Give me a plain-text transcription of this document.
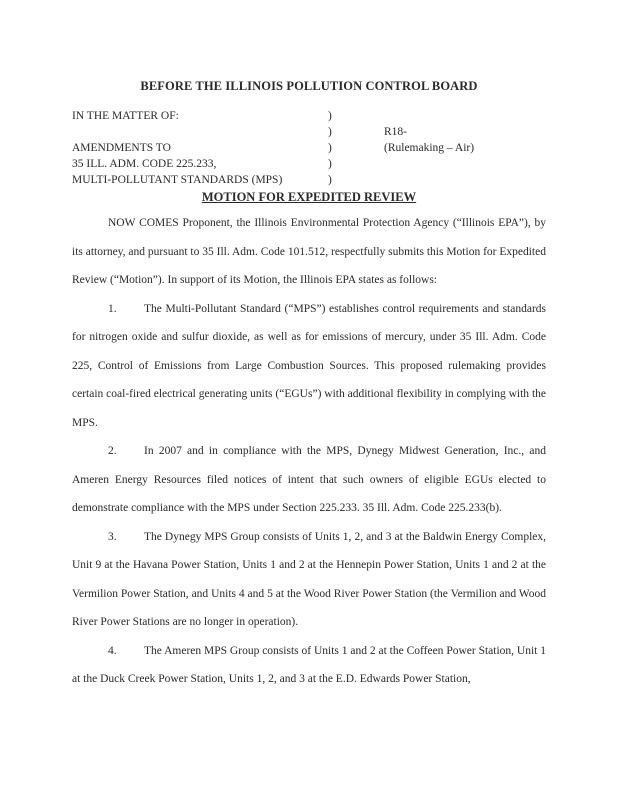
BEFORE THE ILLINOIS POLLUTION CONTROL BOARD
IN THE MATTER OF:
AMENDMENTS TO
35 ILL. ADM. CODE 225.233,
MULTI-POLLUTANT STANDARDS (MPS)
)
)
)
)
)
R18-
(Rulemaking – Air)
MOTION FOR EXPEDITED REVIEW

NOW COMES Proponent, the Illinois Environmental Protection Agency (“Illinois EPA”), by its attorney, and pursuant to 35 Ill. Adm. Code 101.512, respectfully submits this Motion for Expedited Review (“Motion”). In support of its Motion, the Illinois EPA states as follows:

1. The Multi-Pollutant Standard (“MPS”) establishes control requirements and standards for nitrogen oxide and sulfur dioxide, as well as for emissions of mercury, under 35 Ill. Adm. Code 225, Control of Emissions from Large Combustion Sources. This proposed rulemaking provides certain coal-fired electrical generating units (“EGUs”) with additional flexibility in complying with the MPS.

2. In 2007 and in compliance with the MPS, Dynegy Midwest Generation, Inc., and Ameren Energy Resources filed notices of intent that such owners of eligible EGUs elected to demonstrate compliance with the MPS under Section 225.233. 35 Ill. Adm. Code 225.233(b).

3. The Dynegy MPS Group consists of Units 1, 2, and 3 at the Baldwin Energy Complex, Unit 9 at the Havana Power Station, Units 1 and 2 at the Hennepin Power Station, Units 1 and 2 at the Vermilion Power Station, and Units 4 and 5 at the Wood River Power Station (the Vermilion and Wood River Power Stations are no longer in operation).

4. The Ameren MPS Group consists of Units 1 and 2 at the Coffeen Power Station, Unit 1 at the Duck Creek Power Station, Units 1, 2, and 3 at the E.D. Edwards Power Station,
